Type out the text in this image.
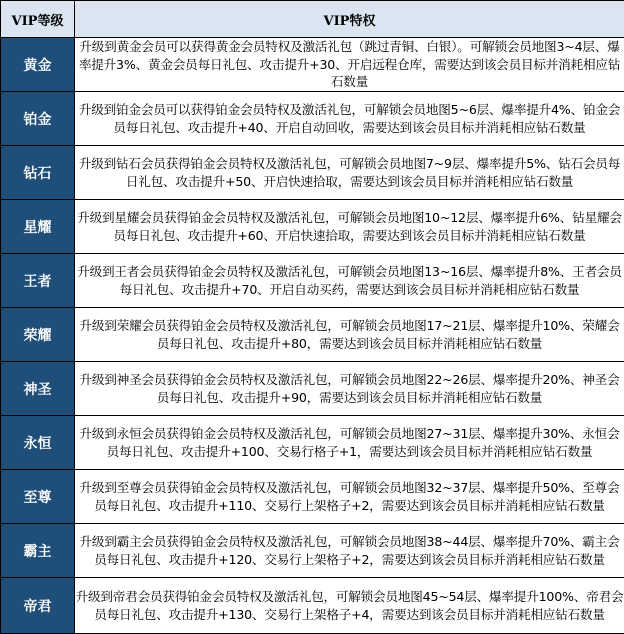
VIP等级	VIP特权
黄金	升级到黄金会员可以获得黄金会员特权及激活礼包（跳过青铜、白银）。可解锁会员地图3~4层、爆率提升3%、黄金会员每日礼包、攻击提升+30、开启远程仓库，需要达到该会员目标并消耗相应钻石数量
铂金	升级到铂金会员可以获得铂金会员特权及激活礼包，可解锁会员地图5~6层、爆率提升4%、铂金会员每日礼包、攻击提升+40、开启自动回收，需要达到该会员目标并消耗相应钻石数量
钻石	升级到钻石会员获得铂金会员特权及激活礼包，可解锁会员地图7~9层、爆率提升5%、钻石会员每日礼包、攻击提升+50、开启快速拾取，需要达到该会员目标并消耗相应钻石数量
星耀	升级到星耀会员获得铂金会员特权及激活礼包，可解锁会员地图10~12层、爆率提升6%、钻星耀会员每日礼包、攻击提升+60、开启快速拾取，需要达到该会员目标并消耗相应钻石数量
王者	升级到王者会员获得铂金会员特权及激活礼包，可解锁会员地图13~16层、爆率提升8%、王者会员每日礼包、攻击提升+70、开启自动买药，需要达到该会员目标并消耗相应钻石数量
荣耀	升级到荣耀会员获得铂金会员特权及激活礼包，可解锁会员地图17~21层、爆率提升10%、荣耀会员每日礼包、攻击提升+80，需要达到该会员目标并消耗相应钻石数量
神圣	升级到神圣会员获得铂金会员特权及激活礼包，可解锁会员地图22~26层、爆率提升20%、神圣会员每日礼包、攻击提升+90，需要达到该会员目标并消耗相应钻石数量
永恒	升级到永恒会员获得铂金会员特权及激活礼包，可解锁会员地图27~31层、爆率提升30%、永恒会员每日礼包、攻击提升+100、交易行格子+1，需要达到该会员目标并消耗相应钻石数量
至尊	升级到至尊会员获得铂金会员特权及激活礼包，可解锁会员地图32~37层、爆率提升50%、至尊会员每日礼包、攻击提升+110、交易行上架格子+2，需要达到该会员目标并消耗相应钻石数量
霸主	升级到霸主会员获得铂金会员特权及激活礼包，可解锁会员地图38~44层、爆率提升70%、霸主会员每日礼包、攻击提升+120、交易行上架格子+2，需要达到该会员目标并消耗相应钻石数量
帝君	升级到帝君会员获得铂金会员特权及激活礼包，可解锁会员地图45~54层、爆率提升100%、帝君会员每日礼包、攻击提升+130、交易行上架格子+4，需要达到该会员目标并消耗相应钻石数量
